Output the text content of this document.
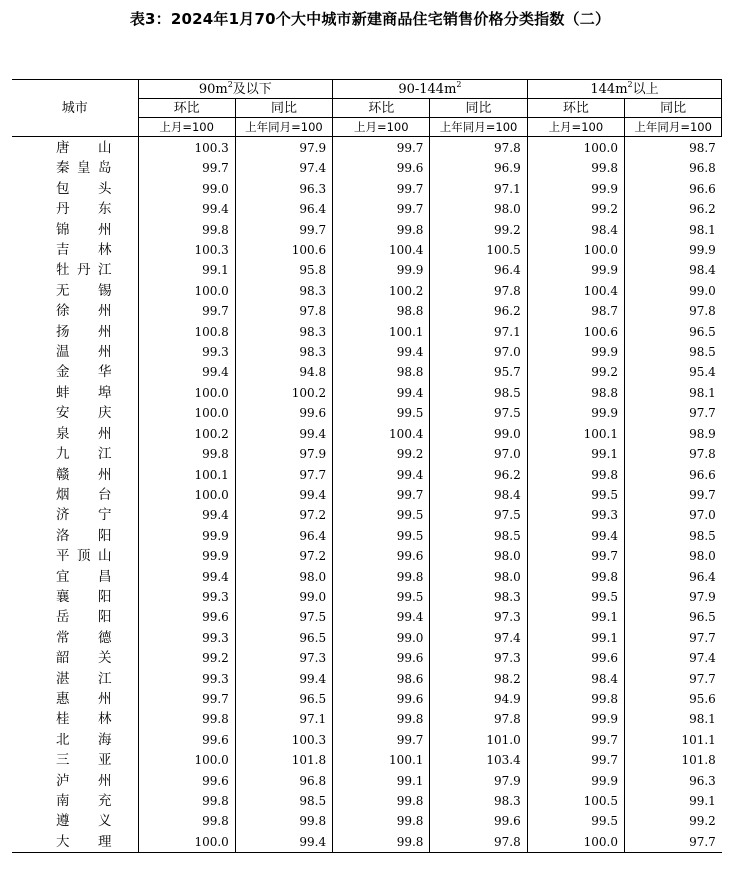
表3：2024年1月70个大中城市新建商品住宅销售价格分类指数（二）
城市	$90m^2$及以下		$90-144m^2$		$144m^2$以上	
	环比	同比	环比	同比	环比	同比
	上月=100	上年同月=100	上月=100	上年同月=100	上月=100	上年同月=100
唐山	100.3	97.9	99.7	97.8	100.0	98.7
秦皇岛	99.7	97.4	99.6	96.9	99.8	96.8
包头	99.0	96.3	99.7	97.1	99.9	96.6
丹东	99.4	96.4	99.7	98.0	99.2	96.2
锦州	99.8	99.7	99.8	99.2	98.4	98.1
吉林	100.3	100.6	100.4	100.5	100.0	99.9
牡丹江	99.1	95.8	99.9	96.4	99.9	98.4
无锡	100.0	98.3	100.2	97.8	100.4	99.0
徐州	99.7	97.8	98.8	96.2	98.7	97.8
扬州	100.8	98.3	100.1	97.1	100.6	96.5
温州	99.3	98.3	99.4	97.0	99.9	98.5
金华	99.4	94.8	98.8	95.7	99.2	95.4
蚌埠	100.0	100.2	99.4	98.5	98.8	98.1
安庆	100.0	99.6	99.5	97.5	99.9	97.7
泉州	100.2	99.4	100.4	99.0	100.1	98.9
九江	99.8	97.9	99.2	97.0	99.1	97.8
赣州	100.1	97.7	99.4	96.2	99.8	96.6
烟台	100.0	99.4	99.7	98.4	99.5	99.7
济宁	99.4	97.2	99.5	97.5	99.3	97.0
洛阳	99.9	96.4	99.5	98.5	99.4	98.5
平顶山	99.9	97.2	99.6	98.0	99.7	98.0
宜昌	99.4	98.0	99.8	98.0	99.8	96.4
襄阳	99.3	99.0	99.5	98.3	99.5	97.9
岳阳	99.6	97.5	99.4	97.3	99.1	96.5
常德	99.3	96.5	99.0	97.4	99.1	97.7
韶关	99.2	97.3	99.6	97.3	99.6	97.4
湛江	99.3	99.4	98.6	98.2	98.4	97.7
惠州	99.7	96.5	99.6	94.9	99.8	95.6
桂林	99.8	97.1	99.8	97.8	99.9	98.1
北海	99.6	100.3	99.7	101.0	99.7	101.1
三亚	100.0	101.8	100.1	103.4	99.7	101.8
泸州	99.6	96.8	99.1	97.9	99.9	96.3
南充	99.8	98.5	99.8	98.3	100.5	99.1
遵义	99.8	99.8	99.8	99.6	99.5	99.2
大理	100.0	99.4	99.8	97.8	100.0	97.7
